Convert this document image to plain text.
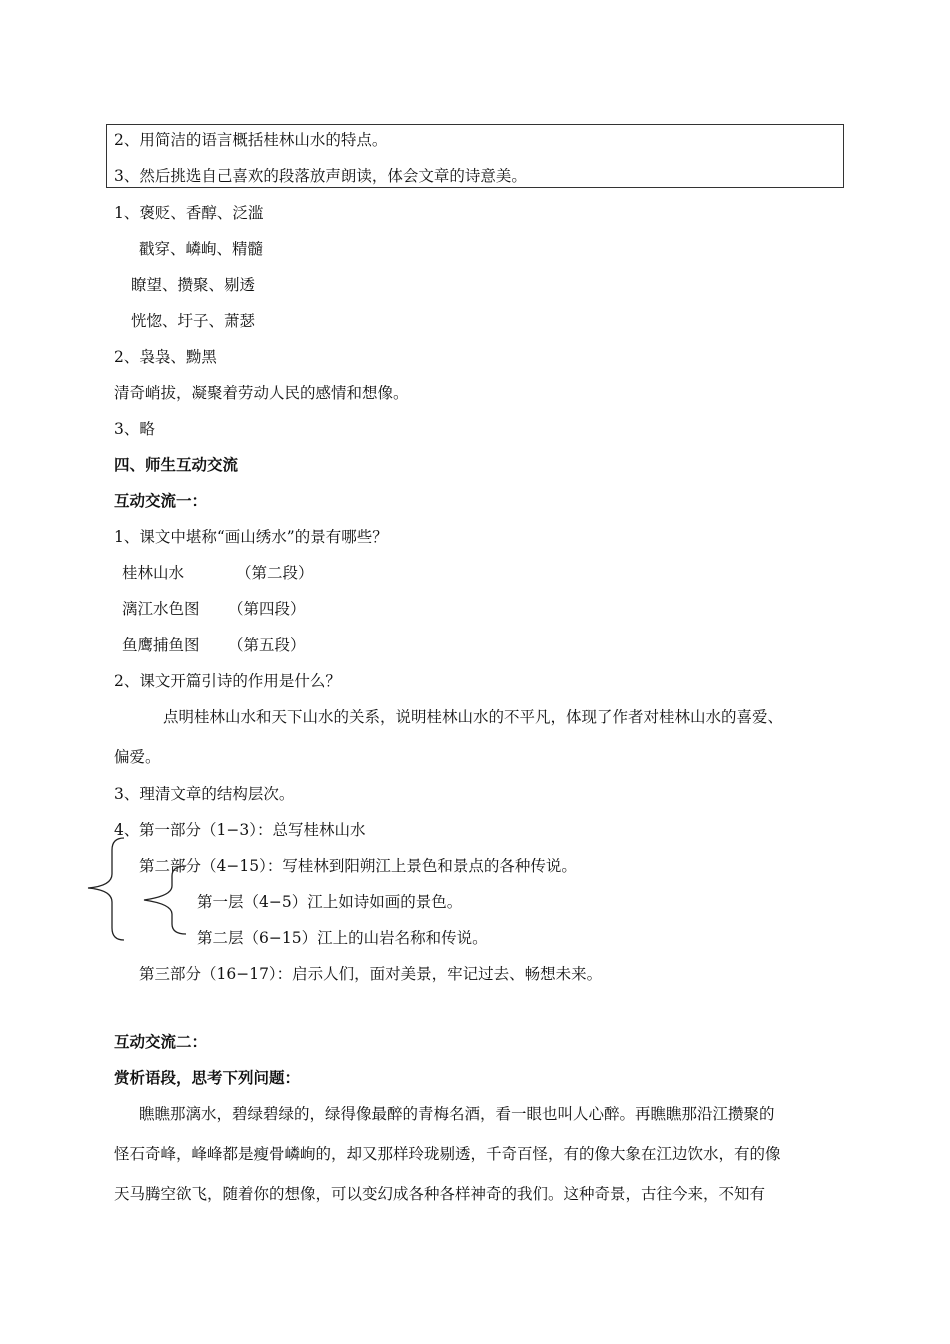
2、用简洁的语言概括桂林山水的特点。
3、然后挑选自己喜欢的段落放声朗读，体会文章的诗意美。
1、褒贬、香醇、泛滥
戳穿、嶙峋、精髓
瞭望、攒聚、剔透
恍惚、圩子、萧瑟
2、袅袅、黝黑
清奇峭拔，凝聚着劳动人民的感情和想像。
3、略
四、师生互动交流
互动交流一：
1、课文中堪称“画山绣水”的景有哪些？
桂林山水	（第二段）
漓江水色图 （第四段）
鱼鹰捕鱼图 （第五段）
2、课文开篇引诗的作用是什么？
点明桂林山水和天下山水的关系，说明桂林山水的不平凡，体现了作者对桂林山水的喜爱、
偏爱。
3、理清文章的结构层次。
4、 第一部分（1−3）：总写桂林山水
第二部分（4−15）：写桂林到阳朔江上景色和景点的各种传说。
第一层（4−5）江上如诗如画的景色。
第二层（6−15）江上的山岩名称和传说。
第三部分（16−17）：启示人们，面对美景，牢记过去、畅想未来。
互动交流二：
赏析语段，思考下列问题：
瞧瞧那漓水，碧绿碧绿的，绿得像最醉的青梅名酒，看一眼也叫人心醉。再瞧瞧那沿江攒聚的
怪石奇峰，峰峰都是瘦骨嶙峋的，却又那样玲珑剔透，千奇百怪，有的像大象在江边饮水，有的像
天马腾空欲飞，随着你的想像，可以变幻成各种各样神奇的我们。这种奇景，古往今来，不知有
